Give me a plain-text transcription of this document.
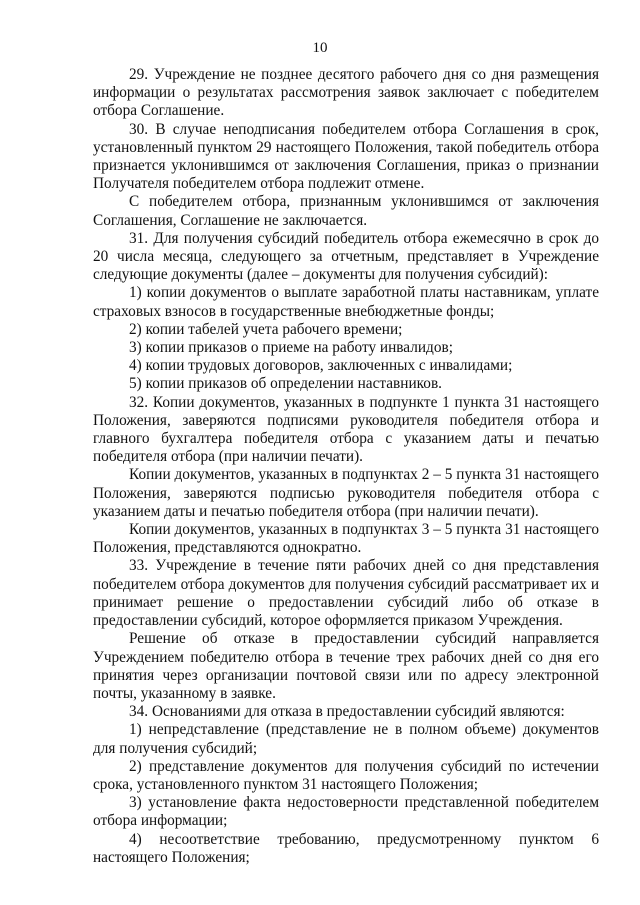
10

29. Учреждение не позднее десятого рабочего дня со дня размещения информации о результатах рассмотрения заявок заключает с победителем отбора Соглашение.

30. В случае неподписания победителем отбора Соглашения в срок, установленный пунктом 29 настоящего Положения, такой победитель отбора признается уклонившимся от заключения Соглашения, приказ о признании Получателя победителем отбора подлежит отмене.

С победителем отбора, признанным уклонившимся от заключения Соглашения, Соглашение не заключается.

31. Для получения субсидий победитель отбора ежемесячно в срок до 20 числа месяца, следующего за отчетным, представляет в Учреждение следующие документы (далее – документы для получения субсидий):

1) копии документов о выплате заработной платы наставникам, уплате страховых взносов в государственные внебюджетные фонды;

2) копии табелей учета рабочего времени;

3) копии приказов о приеме на работу инвалидов;

4) копии трудовых договоров, заключенных с инвалидами;

5) копии приказов об определении наставников.

32. Копии документов, указанных в подпункте 1 пункта 31 настоящего Положения, заверяются подписями руководителя победителя отбора и главного бухгалтера победителя отбора с указанием даты и печатью победителя отбора (при наличии печати).

Копии документов, указанных в подпунктах 2 – 5 пункта 31 настоящего Положения, заверяются подписью руководителя победителя отбора с указанием даты и печатью победителя отбора (при наличии печати).

Копии документов, указанных в подпунктах 3 – 5 пункта 31 настоящего Положения, представляются однократно.

33. Учреждение в течение пяти рабочих дней со дня представления победителем отбора документов для получения субсидий рассматривает их и принимает решение о предоставлении субсидий либо об отказе в предоставлении субсидий, которое оформляется приказом Учреждения.

Решение об отказе в предоставлении субсидий направляется Учреждением победителю отбора в течение трех рабочих дней со дня его принятия через организации почтовой связи или по адресу электронной почты, указанному в заявке.

34. Основаниями для отказа в предоставлении субсидий являются:

1) непредставление (представление не в полном объеме) документов для получения субсидий;

2) представление документов для получения субсидий по истечении срока, установленного пунктом 31 настоящего Положения;

3) установление факта недостоверности представленной победителем отбора информации;

4) несоответствие требованию, предусмотренному пунктом 6 настоящего Положения;
